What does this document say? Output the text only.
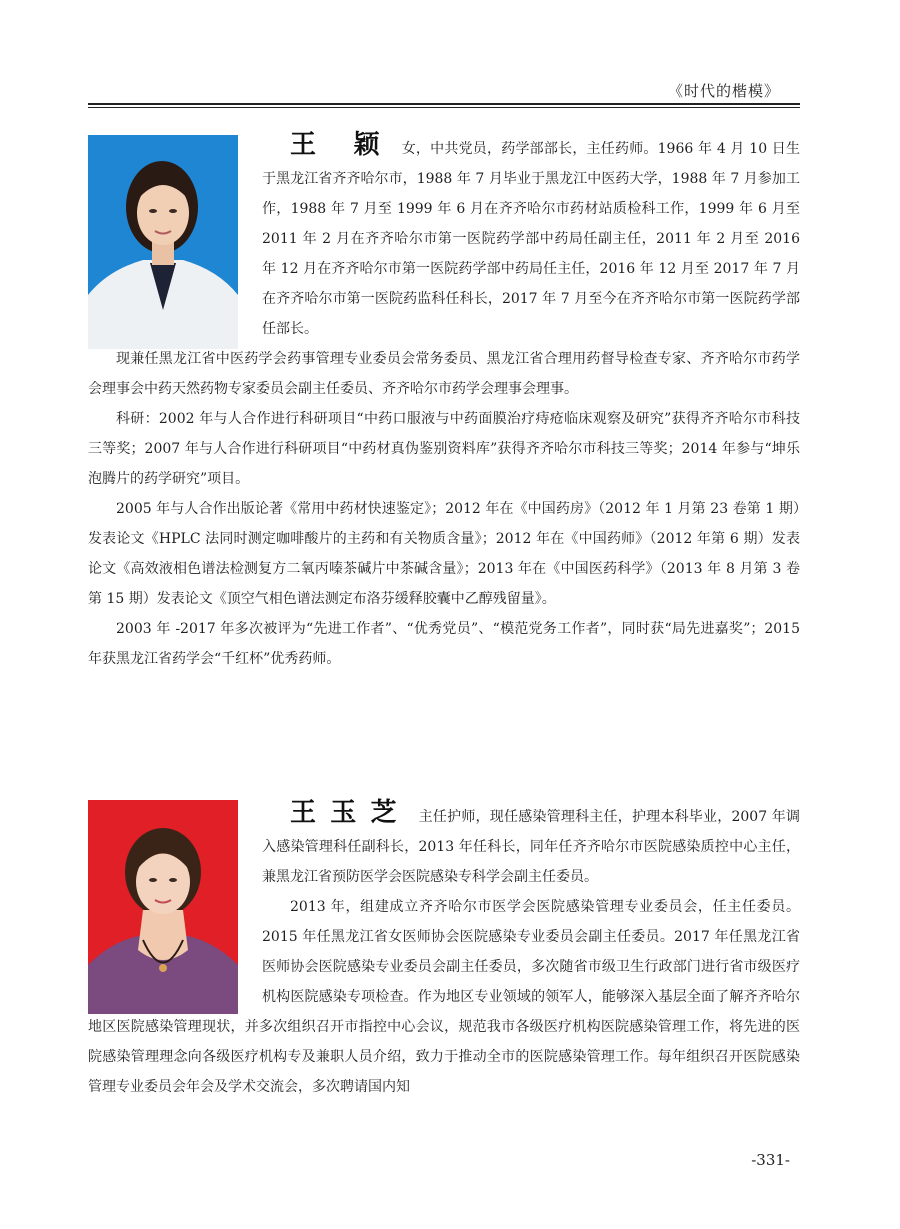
《时代的楷模》

王 颖 女，中共党员，药学部部长，主任药师。1966 年 4 月 10 日生于黑龙江省齐齐哈尔市，1988 年 7 月毕业于黑龙江中医药大学，1988 年 7 月参加工作，1988 年 7 月至 1999 年 6 月在齐齐哈尔市药材站质检科工作，1999 年 6 月至 2011 年 2 月在齐齐哈尔市第一医院药学部中药局任副主任，2011 年 2 月至 2016 年 12 月在齐齐哈尔市第一医院药学部中药局任主任，2016 年 12 月至 2017 年 7 月在齐齐哈尔市第一医院药监科任科长，2017 年 7 月至今在齐齐哈尔市第一医院药学部任部长。

现兼任黑龙江省中医药学会药事管理专业委员会常务委员、黑龙江省合理用药督导检查专家、齐齐哈尔市药学会理事会中药天然药物专家委员会副主任委员、齐齐哈尔市药学会理事会理事。

科研：2002 年与人合作进行科研项目“中药口服液与中药面膜治疗痔疮临床观察及研究”获得齐齐哈尔市科技三等奖；2007 年与人合作进行科研项目“中药材真伪鉴别资料库”获得齐齐哈尔市科技三等奖；2014 年参与“坤乐泡腾片的药学研究”项目。

2005 年与人合作出版论著《常用中药材快速鉴定》；2012 年在《中国药房》（2012 年 1 月第 23 卷第 1 期）发表论文《HPLC 法同时测定咖啡酸片的主药和有关物质含量》；2012 年在《中国药师》（2012 年第 6 期）发表论文《高效液相色谱法检测复方二氧丙嗪茶碱片中茶碱含量》；2013 年在《中国医药科学》（2013 年 8 月第 3 卷第 15 期）发表论文《顶空气相色谱法测定布洛芬缓释胶囊中乙醇残留量》。

2003 年 -2017 年多次被评为“先进工作者”、“优秀党员”、“模范党务工作者”，同时获“局先进嘉奖”；2015 年获黑龙江省药学会“千红杯”优秀药师。

王玉芝 主任护师，现任感染管理科主任，护理本科毕业，2007 年调入感染管理科任副科长，2013 年任科长，同年任齐齐哈尔市医院感染质控中心主任，兼黑龙江省预防医学会医院感染专科学会副主任委员。

2013 年，组建成立齐齐哈尔市医学会医院感染管理专业委员会，任主任委员。2015 年任黑龙江省女医师协会医院感染专业委员会副主任委员。2017 年任黑龙江省医师协会医院感染专业委员会副主任委员，多次随省市级卫生行政部门进行省市级医疗机构医院感染专项检查。作为地区专业领域的领军人，能够深入基层全面了解齐齐哈尔地区医院感染管理现状，并多次组织召开市指控中心会议，规范我市各级医疗机构医院感染管理工作，将先进的医院感染管理理念向各级医疗机构专及兼职人员介绍，致力于推动全市的医院感染管理工作。每年组织召开医院感染管理专业委员会年会及学术交流会，多次聘请国内知

-331-
